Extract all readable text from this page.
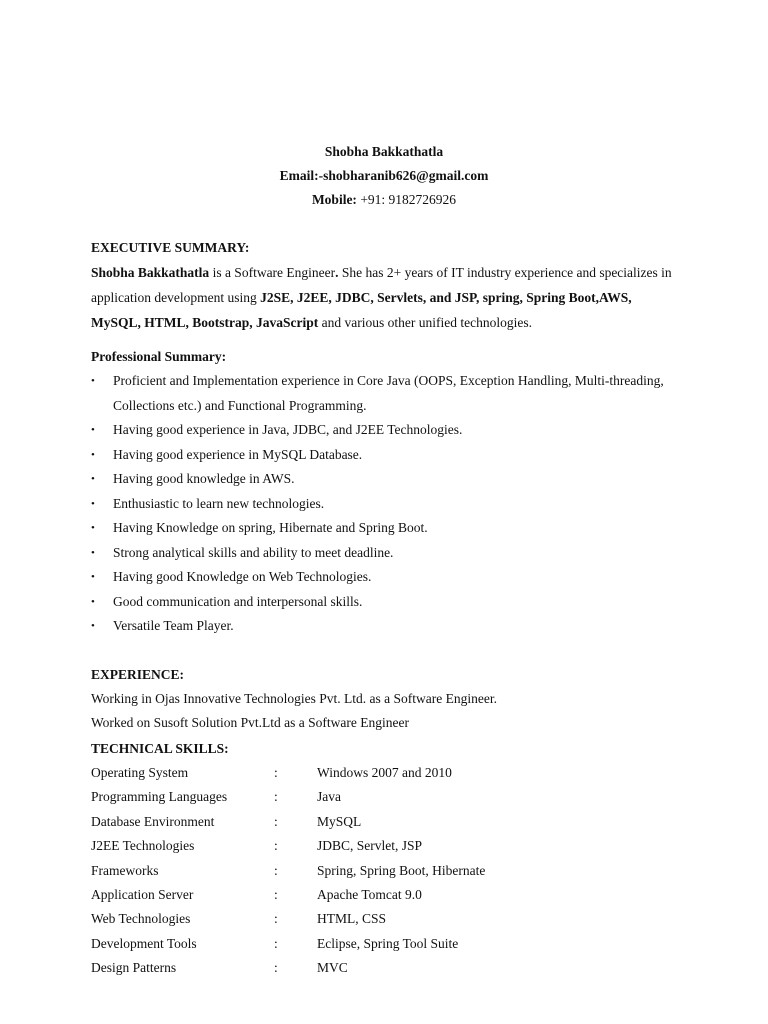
Shobha Bakkathatla
Email:-shobharanib626@gmail.com
Mobile: +91: 9182726926
EXECUTIVE SUMMARY:
Shobha Bakkathatla is a Software Engineer. She has 2+ years of IT industry experience and specializes in application development using J2SE, J2EE, JDBC, Servlets, and JSP, spring, Spring Boot,AWS, MySQL, HTML, Bootstrap, JavaScript and various other unified technologies.
Professional Summary:
• Proficient and Implementation experience in Core Java (OOPS, Exception Handling, Multi-threading, Collections etc.) and Functional Programming.
• Having good experience in Java, JDBC, and J2EE Technologies.
• Having good experience in MySQL Database.
• Having good knowledge in AWS.
• Enthusiastic to learn new technologies.
• Having Knowledge on spring, Hibernate and Spring Boot.
• Strong analytical skills and ability to meet deadline.
• Having good Knowledge on Web Technologies.
• Good communication and interpersonal skills.
• Versatile Team Player.
EXPERIENCE:
Working in Ojas Innovative Technologies Pvt. Ltd. as a Software Engineer.
Worked on Susoft Solution Pvt.Ltd as a Software Engineer
TECHNICAL SKILLS:
Operating System	:	Windows 2007 and 2010
Programming Languages	:	Java
Database Environment	:	MySQL
J2EE Technologies	:	JDBC, Servlet, JSP
Frameworks	:	Spring, Spring Boot, Hibernate
Application Server	:	Apache Tomcat 9.0
Web Technologies	:	HTML, CSS
Development Tools	:	Eclipse, Spring Tool Suite
Design Patterns	:	MVC
